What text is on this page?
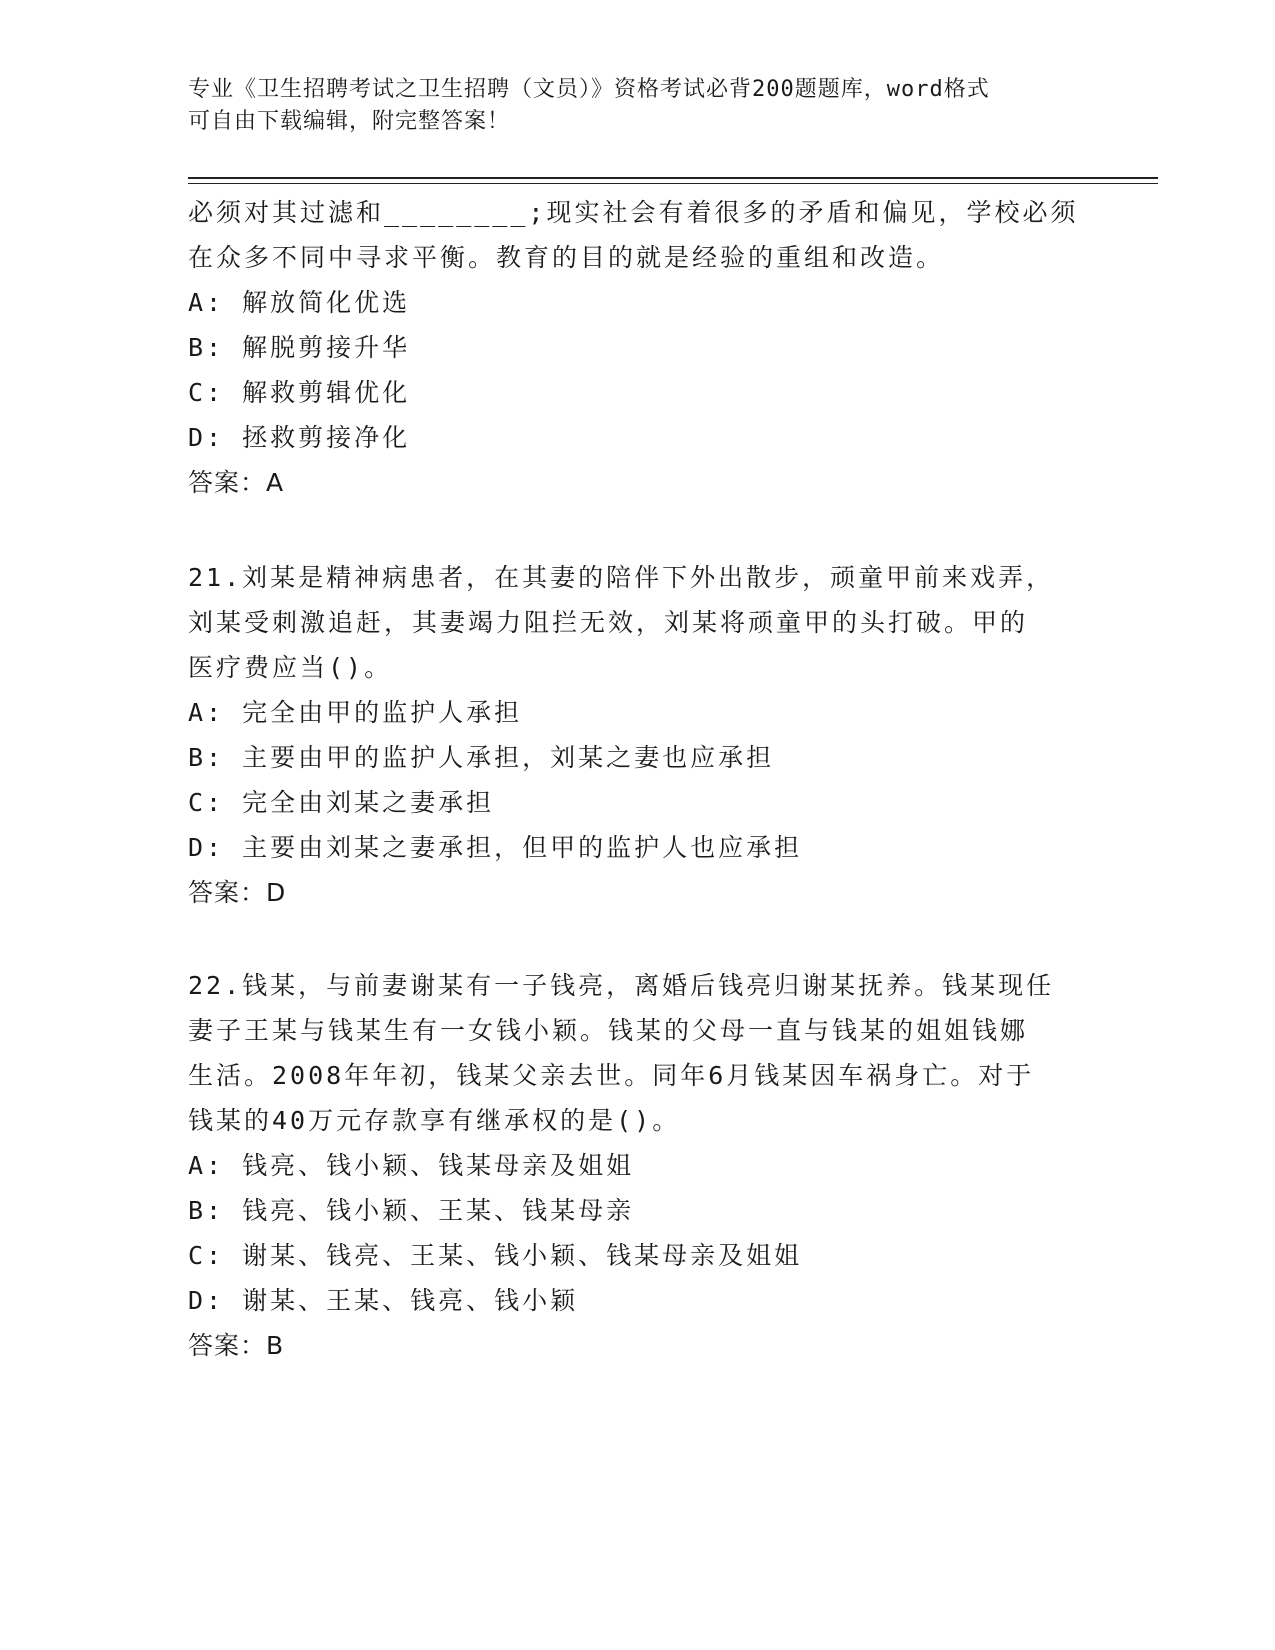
专业《卫生招聘考试之卫生招聘（文员）》资格考试必背200题题库，word格式
可自由下载编辑，附完整答案！

必须对其过滤和________;现实社会有着很多的矛盾和偏见，学校必须

在众多不同中寻求平衡。教育的目的就是经验的重组和改造。

A: 解放简化优选

B: 解脱剪接升华

C: 解救剪辑优化

D: 拯救剪接净化

答案：A

21.刘某是精神病患者，在其妻的陪伴下外出散步，顽童甲前来戏弄，

刘某受刺激追赶，其妻竭力阻拦无效，刘某将顽童甲的头打破。甲的

医疗费应当()。

A: 完全由甲的监护人承担

B: 主要由甲的监护人承担，刘某之妻也应承担

C: 完全由刘某之妻承担

D: 主要由刘某之妻承担，但甲的监护人也应承担

答案：D

22.钱某，与前妻谢某有一子钱亮，离婚后钱亮归谢某抚养。钱某现任

妻子王某与钱某生有一女钱小颖。钱某的父母一直与钱某的姐姐钱娜

生活。2008年年初，钱某父亲去世。同年6月钱某因车祸身亡。对于

钱某的40万元存款享有继承权的是()。

A: 钱亮、钱小颖、钱某母亲及姐姐

B: 钱亮、钱小颖、王某、钱某母亲

C: 谢某、钱亮、王某、钱小颖、钱某母亲及姐姐

D: 谢某、王某、钱亮、钱小颖

答案：B
